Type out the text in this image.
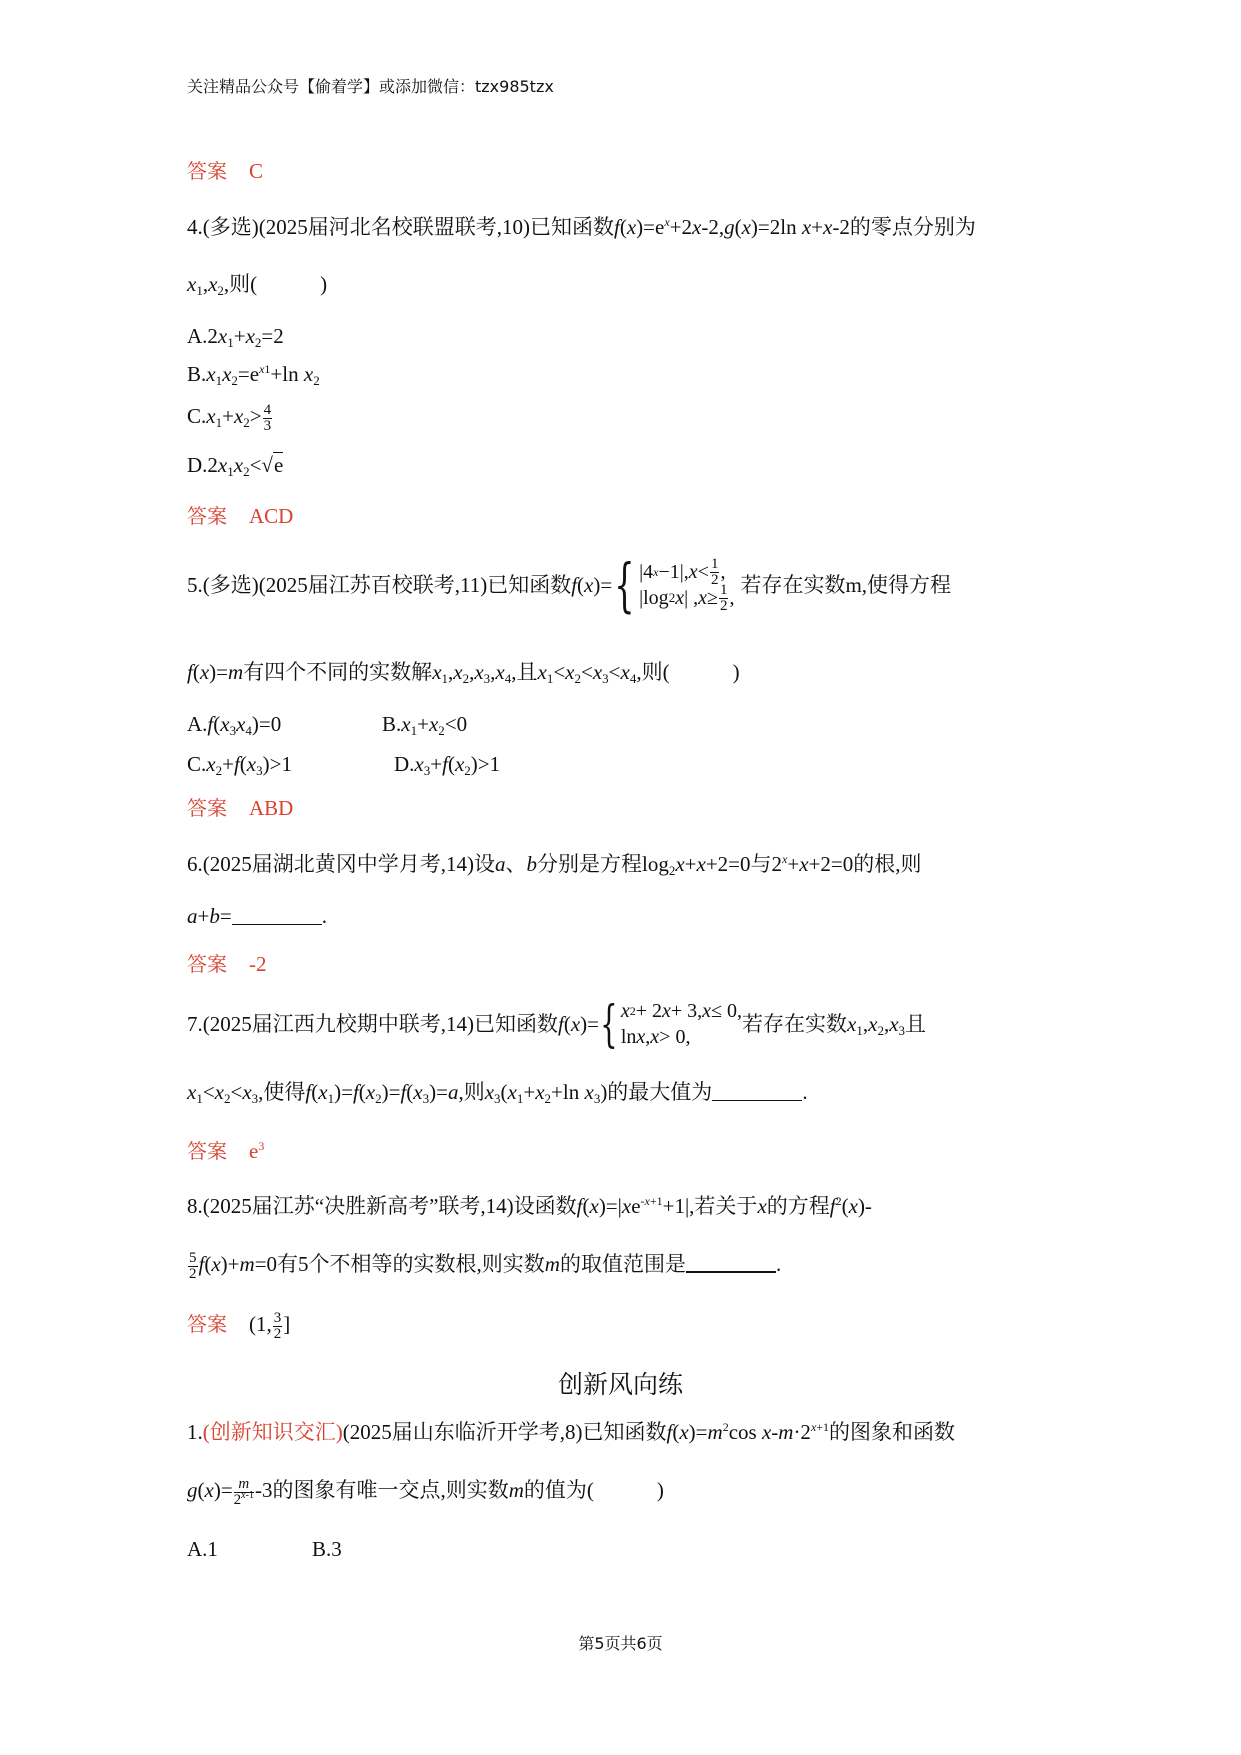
关注精品公众号【偷着学】或添加微信：tzx985tzx
答案 C
4.(多选)(2025届河北名校联盟联考,10)已知函数$f(x)=e^x+2x-2,g(x)=2\ln$ x+x-2的零点分别为
$x_1,x_2$,则(　　　)
$A.2x_1+x_2=2$
$B.x_1x_2=e^{x1}+\ln$ $x_2$
$C.x_1+x_2> \frac{4}{3}$
$D.2x_1x_2<√e$
答案 ACD
5.(多选)(2025届江苏百校联考,11)已知函数 f(x)= { |4 x −1|, $x < \frac{1}{2}$ ,
|log 2 x | , $x \ge \frac{1}{2}$ ,
若存在实数m,使得方程
f(x)=m有四个不同的实数解$x_1,x_2,x_3,x_4$,且$x_1<x_2<x_3<x_4$,则(　　　)
$A.f(x_3x_4)=0$	$B.x_1+x_2<0$
$C.x_2+f(x_3)>1$	$D.x_3+f(x_2)>1$
答案 ABD
6.(2025届湖北黄冈中学月考,14)设a、b分别是方程$\log_2x+x+2=0$与$2^x+x+2=0$的根,则
a+b=	.
答案 -2
7.(2025届江西九校期中联考,14)已知函数 f(x)= { x 2 + 2 x + 3, x ≤ 0,
ln x , x > 0,
若存在实数$x_1,x_2,x_3$且
$x_1<x_2<x_3$,使得$f(x_1)=f(x_2)=f(x_3)=a$,则$x_3(x_1+x_2+\ln$ $x_3$)的最大值为	.
答案 $e^3$
8.(2025届江苏“决胜新高考”联考,14)设函数$f(x)=|xe^{-x+1}+1|$,若关于x的方程$f^2(x)-$
$\frac{5}{2} f(x)+m=0$有5个不相等的实数根,则实数m的取值范围是	.
答案 (1, $\frac{3}{2}$ ]
创新风向练
1.(创新知识交汇)(2025届山东临沂开学考,8)已知函数$f(x)=m^2\cos$ $x-m\cdot 2^{x+1}$的图象和函数
$g(x)= \frac{m}{2^{x-1}} -3$的图象有唯一交点,则实数m的值为(　　　)
A.1	B.3
第5页共6页
